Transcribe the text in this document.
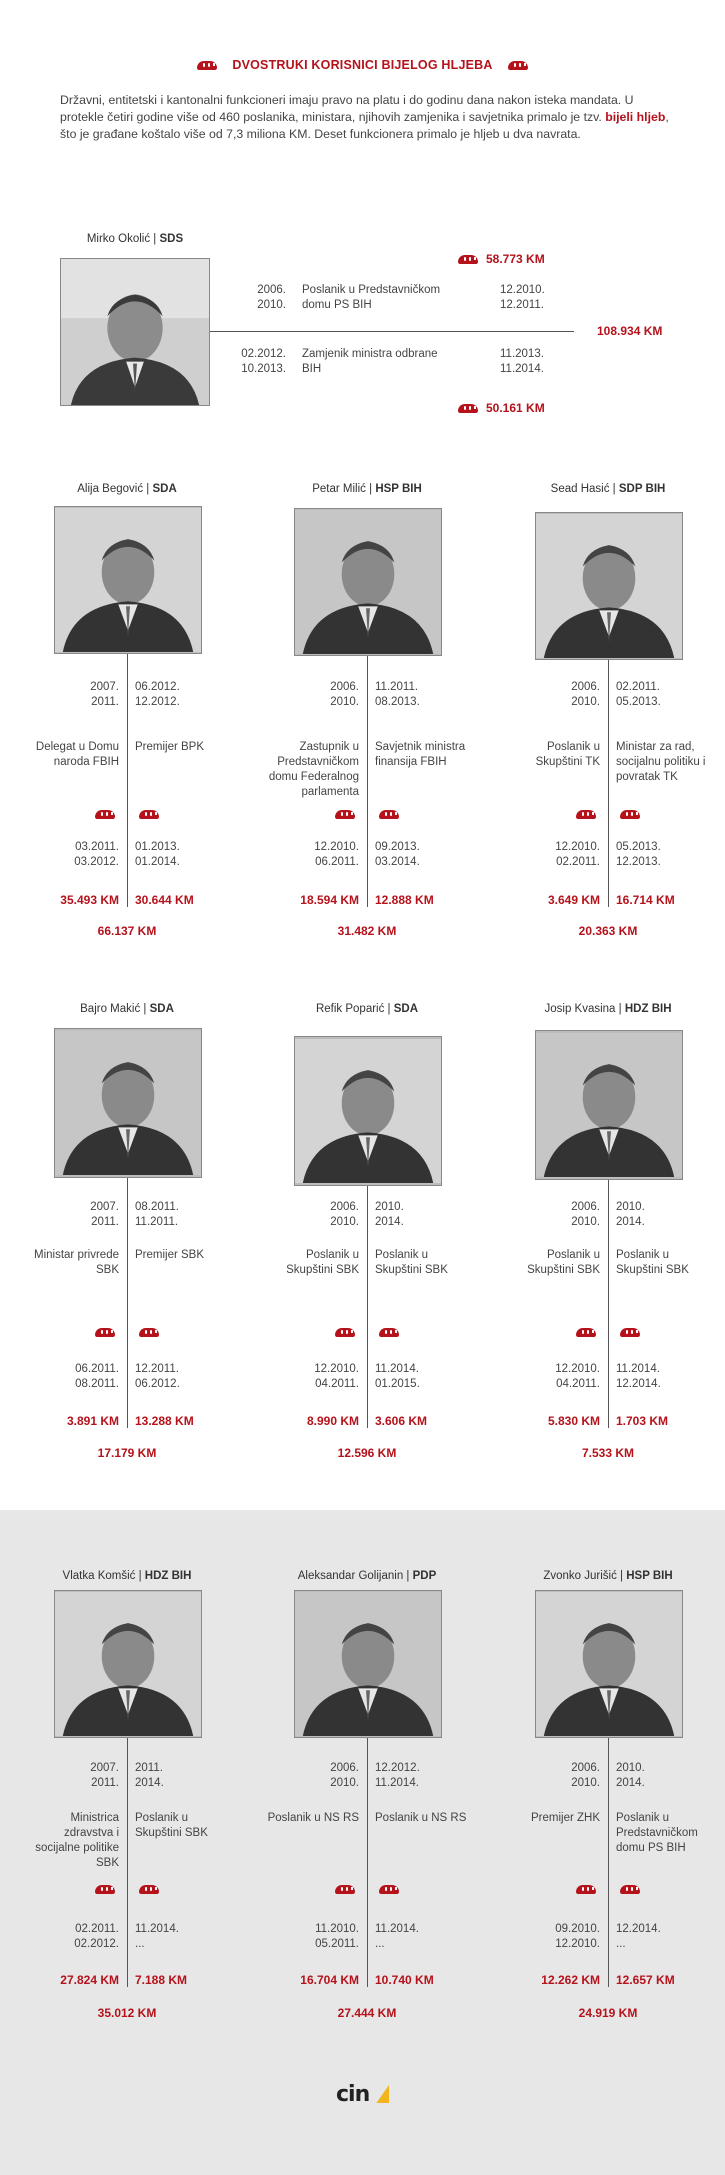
DVOSTRUKI KORISNICI BIJELOG HLJEBA
Državni, entitetski i kantonalni funkcioneri imaju pravo na platu i do godinu dana nakon isteka mandata. U protekle četiri godine više od 460 poslanika, ministara, njihovih zamjenika i savjetnika primalo je tzv. bijeli hljeb, što je građane koštalo više od 7,3 miliona KM. Deset funkcionera primalo je hljeb u dva navrata.
Mirko Okolić | SDS
58.773 KM
2006.
2010.
Poslanik u Predstavničkom domu PS BIH
12.2010.
12.2011.
108.934 KM
02.2012.
10.2013.
Zamjenik ministra odbrane BIH
11.2013.
11.2014.
50.161 KM
Alija Begović | SDA
2007.
2011.
06.2012.
12.2012.
Delegat u Domu naroda FBIH
Premijer BPK
03.2011.
03.2012.
01.2013.
01.2014.
35.493 KM 30.644 KM
66.137 KM
Petar Milić | HSP BIH
2006.
2010.
11.2011.
08.2013.
Zastupnik u Predstavničkom domu Federalnog parlamenta
Savjetnik ministra finansija FBIH
12.2010.
06.2011.
09.2013.
03.2014.
18.594 KM 12.888 KM
31.482 KM
Sead Hasić | SDP BIH
2006.
2010.
02.2011.
05.2013.
Poslanik u Skupštini TK
Ministar za rad, socijalnu politiku i povratak TK
12.2010.
02.2011.
05.2013.
12.2013.
3.649 KM 16.714 KM
20.363 KM
Bajro Makić | SDA
2007.
2011.
08.2011.
11.2011.
Ministar privrede SBK
Premijer SBK
06.2011.
08.2011.
12.2011.
06.2012.
3.891 KM 13.288 KM
17.179 KM
Refik Poparić | SDA
2006.
2010.
2010.
2014.
Poslanik u Skupštini SBK
Poslanik u Skupštini SBK
12.2010.
04.2011.
11.2014.
01.2015.
8.990 KM 3.606 KM
12.596 KM
Josip Kvasina | HDZ BIH
2006.
2010.
2010.
2014.
Poslanik u Skupštini SBK
Poslanik u Skupštini SBK
12.2010.
04.2011.
11.2014.
12.2014.
5.830 KM 1.703 KM
7.533 KM
Vlatka Komšić | HDZ BIH
2007.
2011.
2011.
2014.
Ministrica zdravstva i socijalne politike SBK
Poslanik u Skupštini SBK
02.2011.
02.2012.
11.2014.
...
27.824 KM 7.188 KM
35.012 KM
Aleksandar Golijanin | PDP
2006.
2010.
12.2012.
11.2014.
Poslanik u NS RS Poslanik u NS RS
11.2010.
05.2011.
11.2014.
...
16.704 KM 10.740 KM
27.444 KM
Zvonko Jurišić | HSP BIH
2006.
2010.
2010.
2014.
Premijer ZHK Poslanik u Predstavničkom domu PS BIH
09.2010.
12.2010.
12.2014.
...
12.262 KM 12.657 KM
24.919 KM
cin
